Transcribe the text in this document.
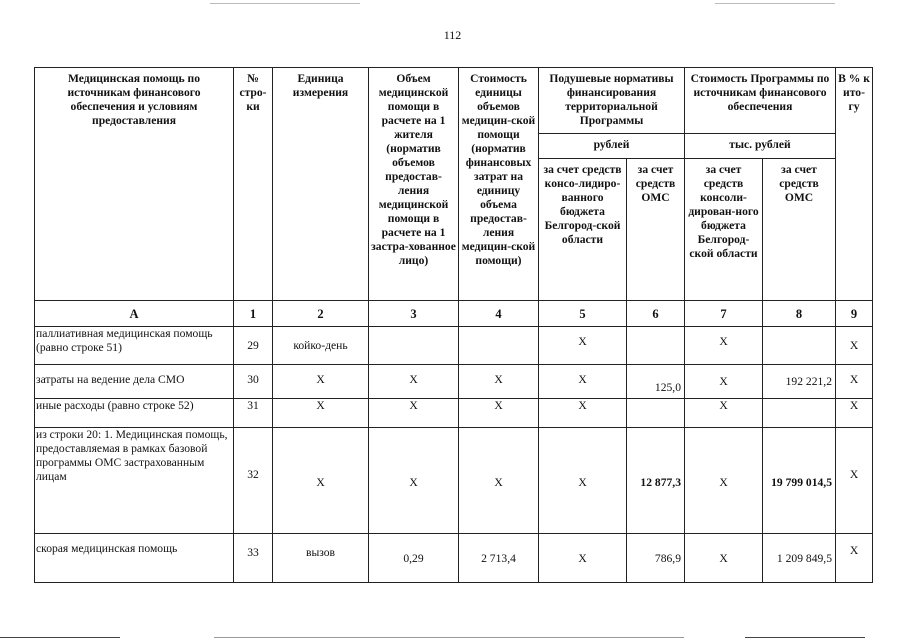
112
Медицинская помощь по источникам финансового обеспечения и условиям предоставления	№ стро-ки	Единица измерения	Объем медицинской помощи в расчете на 1 жителя (норматив объемов предостав-ления медицинской помощи в расчете на 1 застра-хованное лицо)	Стоимость единицы объемов медицин-ской помощи (норматив финансовых затрат на единицу объема предостав-ления медицин-ской помощи)	Подушевые нормативы финансирования территориальной Программы		Стоимость Программы по источникам финансового обеспечения		В % к ито-гу
					рублей		тыс. рублей		
					за счет средств консо-лидиро-ванного бюджета Белгород-ской области	за счет средств ОМС	за счет средств консоли-дирован-ного бюджета Белгород-ской области	за счет средств ОМС	
А	1	2	3	4	5	6	7	8	9
паллиативная медицинская помощь (равно строке 51)	29	койко-день			Х		Х		Х
затраты на ведение дела СМО	30	Х	Х	Х	Х	125,0	Х	192 221,2	Х
иные расходы (равно строке 52)	31	Х	Х	Х	Х		Х		Х
из строки 20: 1. Медицинская помощь, предоставляемая в рамках базовой программы ОМС застрахованным лицам	32	Х	Х	Х	Х	12 877,3	Х	19 799 014,5	Х
скорая медицинская помощь	33	вызов	0,29	2 713,4	Х	786,9	Х	1 209 849,5	Х
